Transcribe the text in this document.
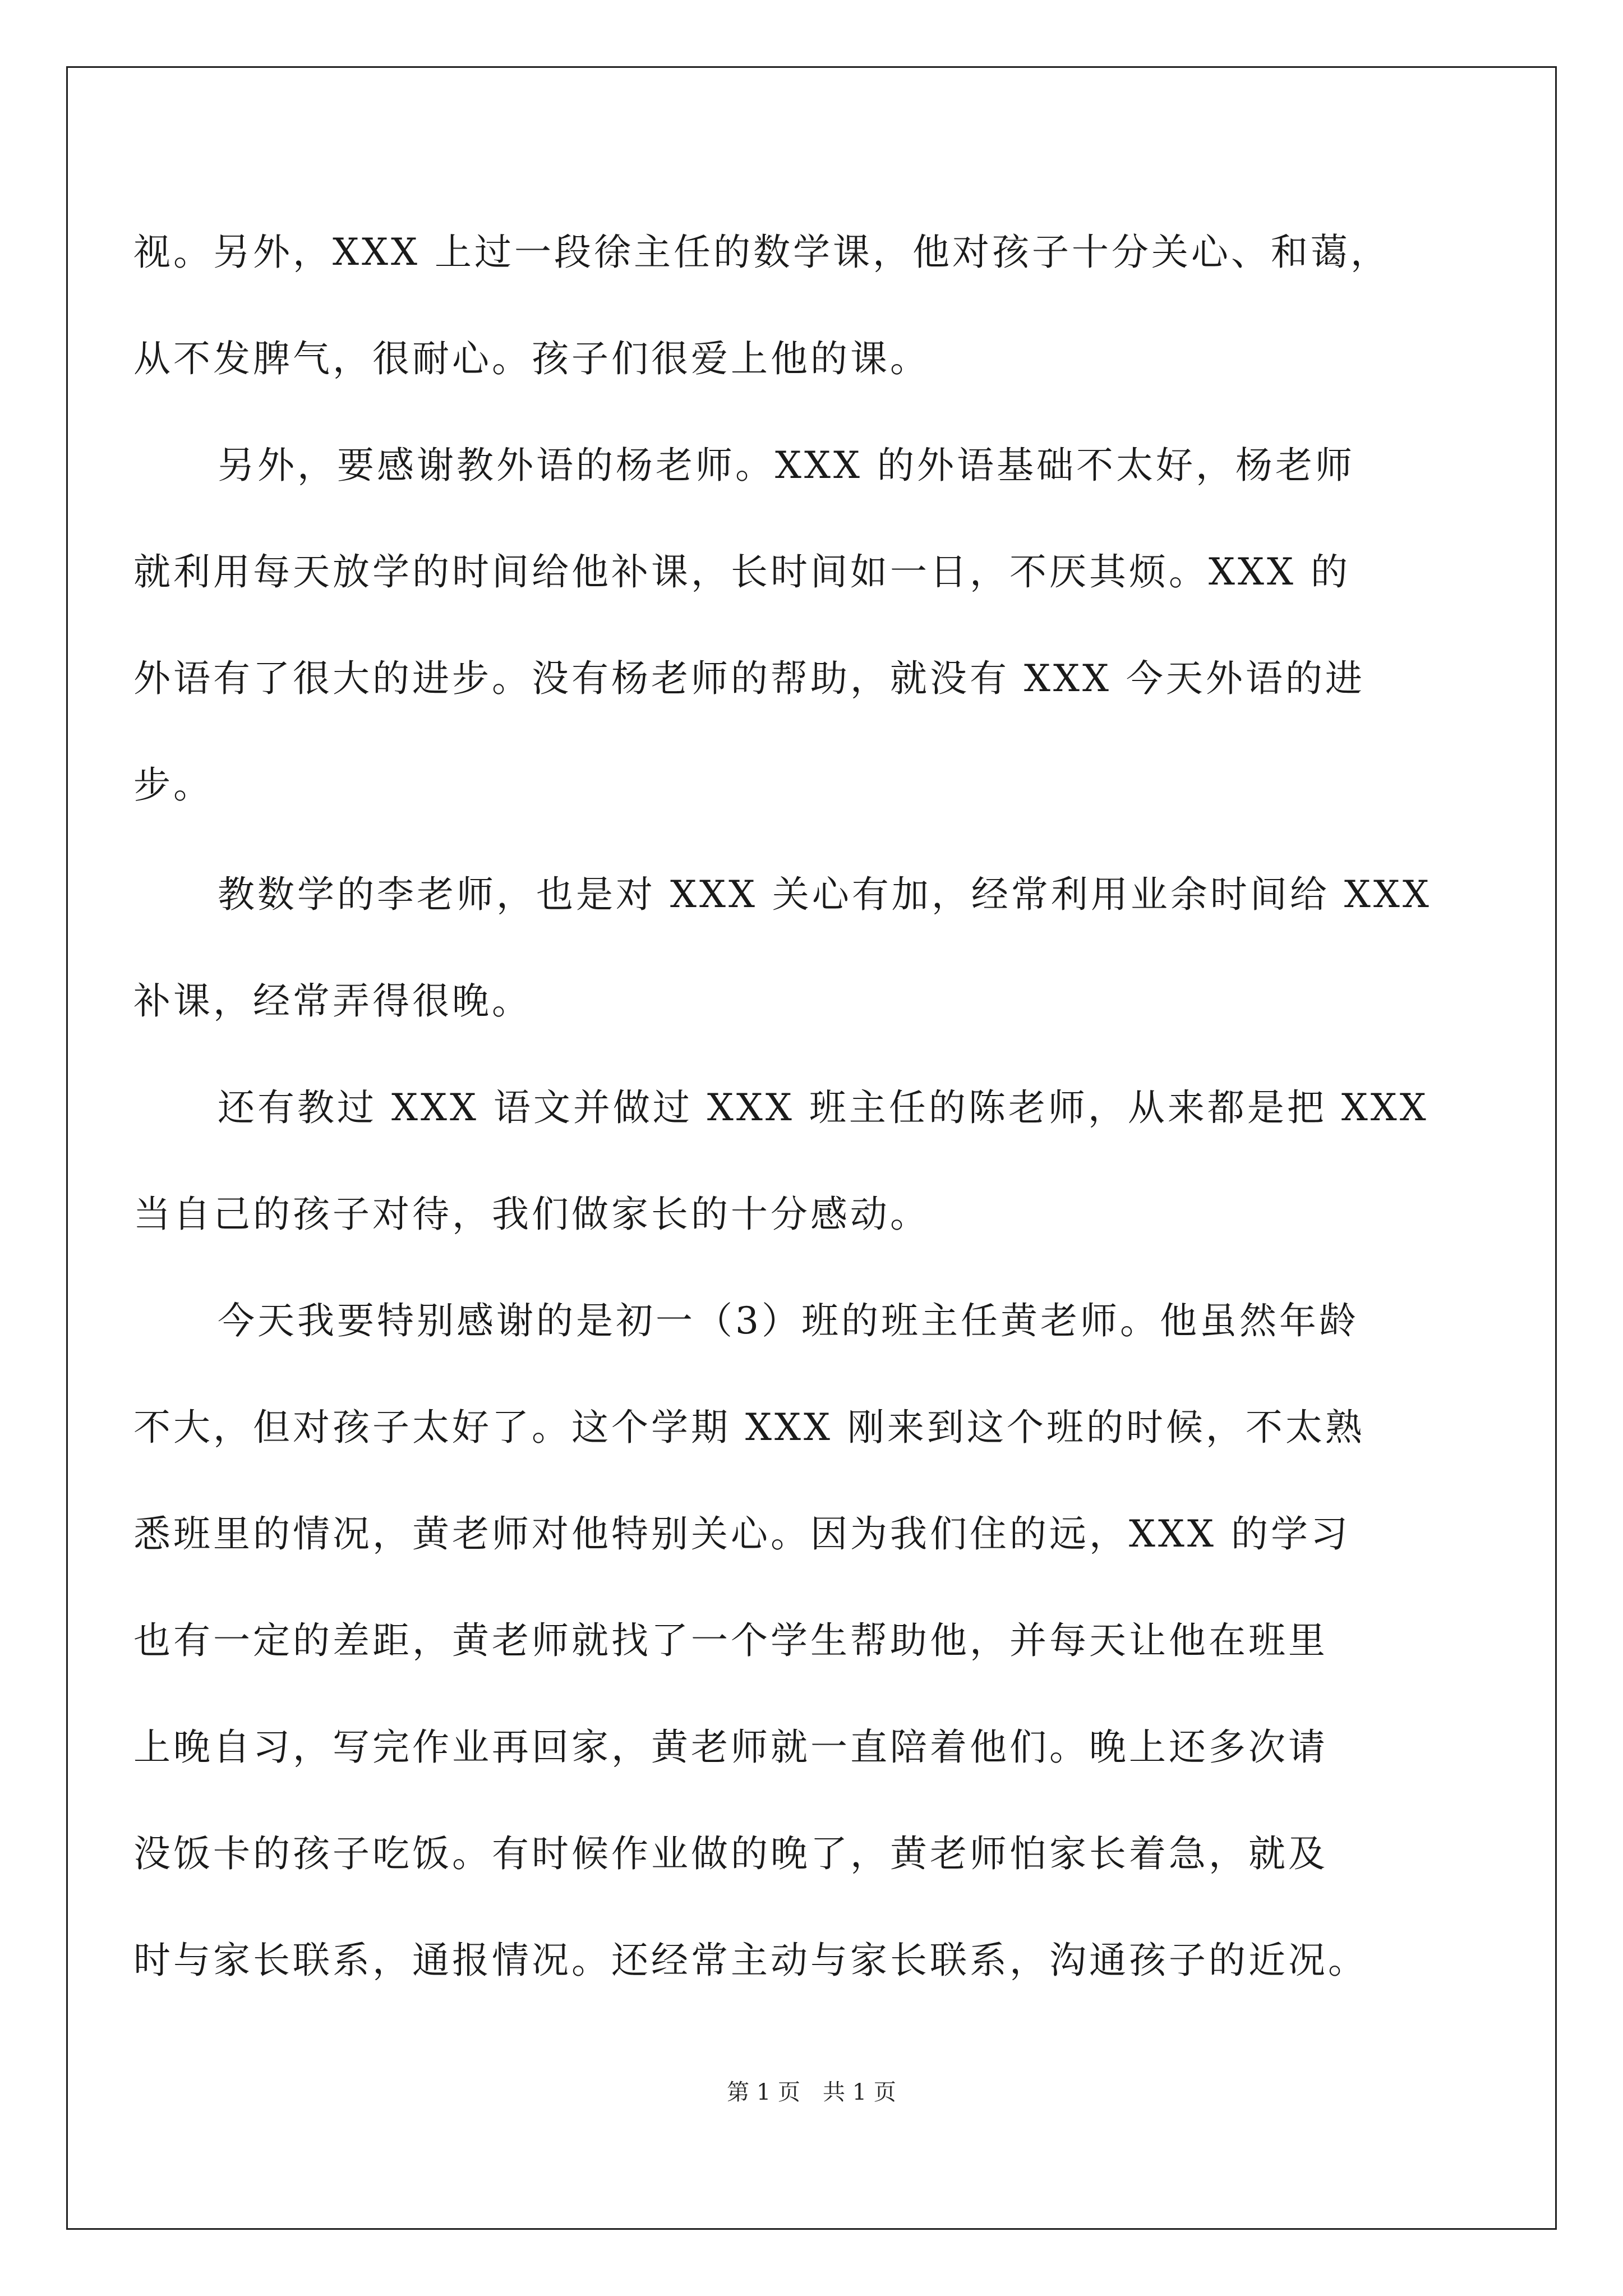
视。另外，XXX 上过一段徐主任的数学课，他对孩子十分关心、和蔼，
从不发脾气，很耐心。孩子们很爱上他的课。
另外，要感谢教外语的杨老师。XXX 的外语基础不太好，杨老师
就利用每天放学的时间给他补课，长时间如一日，不厌其烦。XXX 的
外语有了很大的进步。没有杨老师的帮助，就没有 XXX 今天外语的进
步。
教数学的李老师，也是对 XXX 关心有加，经常利用业余时间给 XXX
补课，经常弄得很晚。
还有教过 XXX 语文并做过 XXX 班主任的陈老师，从来都是把 XXX
当自己的孩子对待，我们做家长的十分感动。
今天我要特别感谢的是初一（3）班的班主任黄老师。他虽然年龄
不大，但对孩子太好了。这个学期 XXX 刚来到这个班的时候，不太熟
悉班里的情况，黄老师对他特别关心。因为我们住的远，XXX 的学习
也有一定的差距，黄老师就找了一个学生帮助他，并每天让他在班里
上晚自习，写完作业再回家，黄老师就一直陪着他们。晚上还多次请
没饭卡的孩子吃饭。有时候作业做的晚了，黄老师怕家长着急，就及
时与家长联系，通报情况。还经常主动与家长联系，沟通孩子的近况。
第 1 页　共 1 页
